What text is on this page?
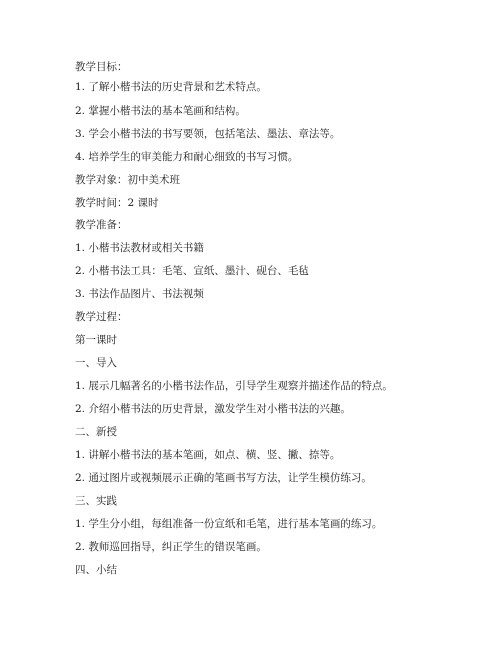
教学目标：
1. 了解小楷书法的历史背景和艺术特点。
2. 掌握小楷书法的基本笔画和结构。
3. 学会小楷书法的书写要领，包括笔法、墨法、章法等。
4. 培养学生的审美能力和耐心细致的书写习惯。
教学对象：初中美术班
教学时间：2 课时
教学准备：
1. 小楷书法教材或相关书籍
2. 小楷书法工具：毛笔、宣纸、墨汁、砚台、毛毡
3. 书法作品图片、书法视频
教学过程：
第一课时
一、导入
1. 展示几幅著名的小楷书法作品，引导学生观察并描述作品的特点。
2. 介绍小楷书法的历史背景，激发学生对小楷书法的兴趣。
二、新授
1. 讲解小楷书法的基本笔画，如点、横、竖、撇、捺等。
2. 通过图片或视频展示正确的笔画书写方法，让学生模仿练习。
三、实践
1. 学生分小组，每组准备一份宣纸和毛笔，进行基本笔画的练习。
2. 教师巡回指导，纠正学生的错误笔画。
四、小结
